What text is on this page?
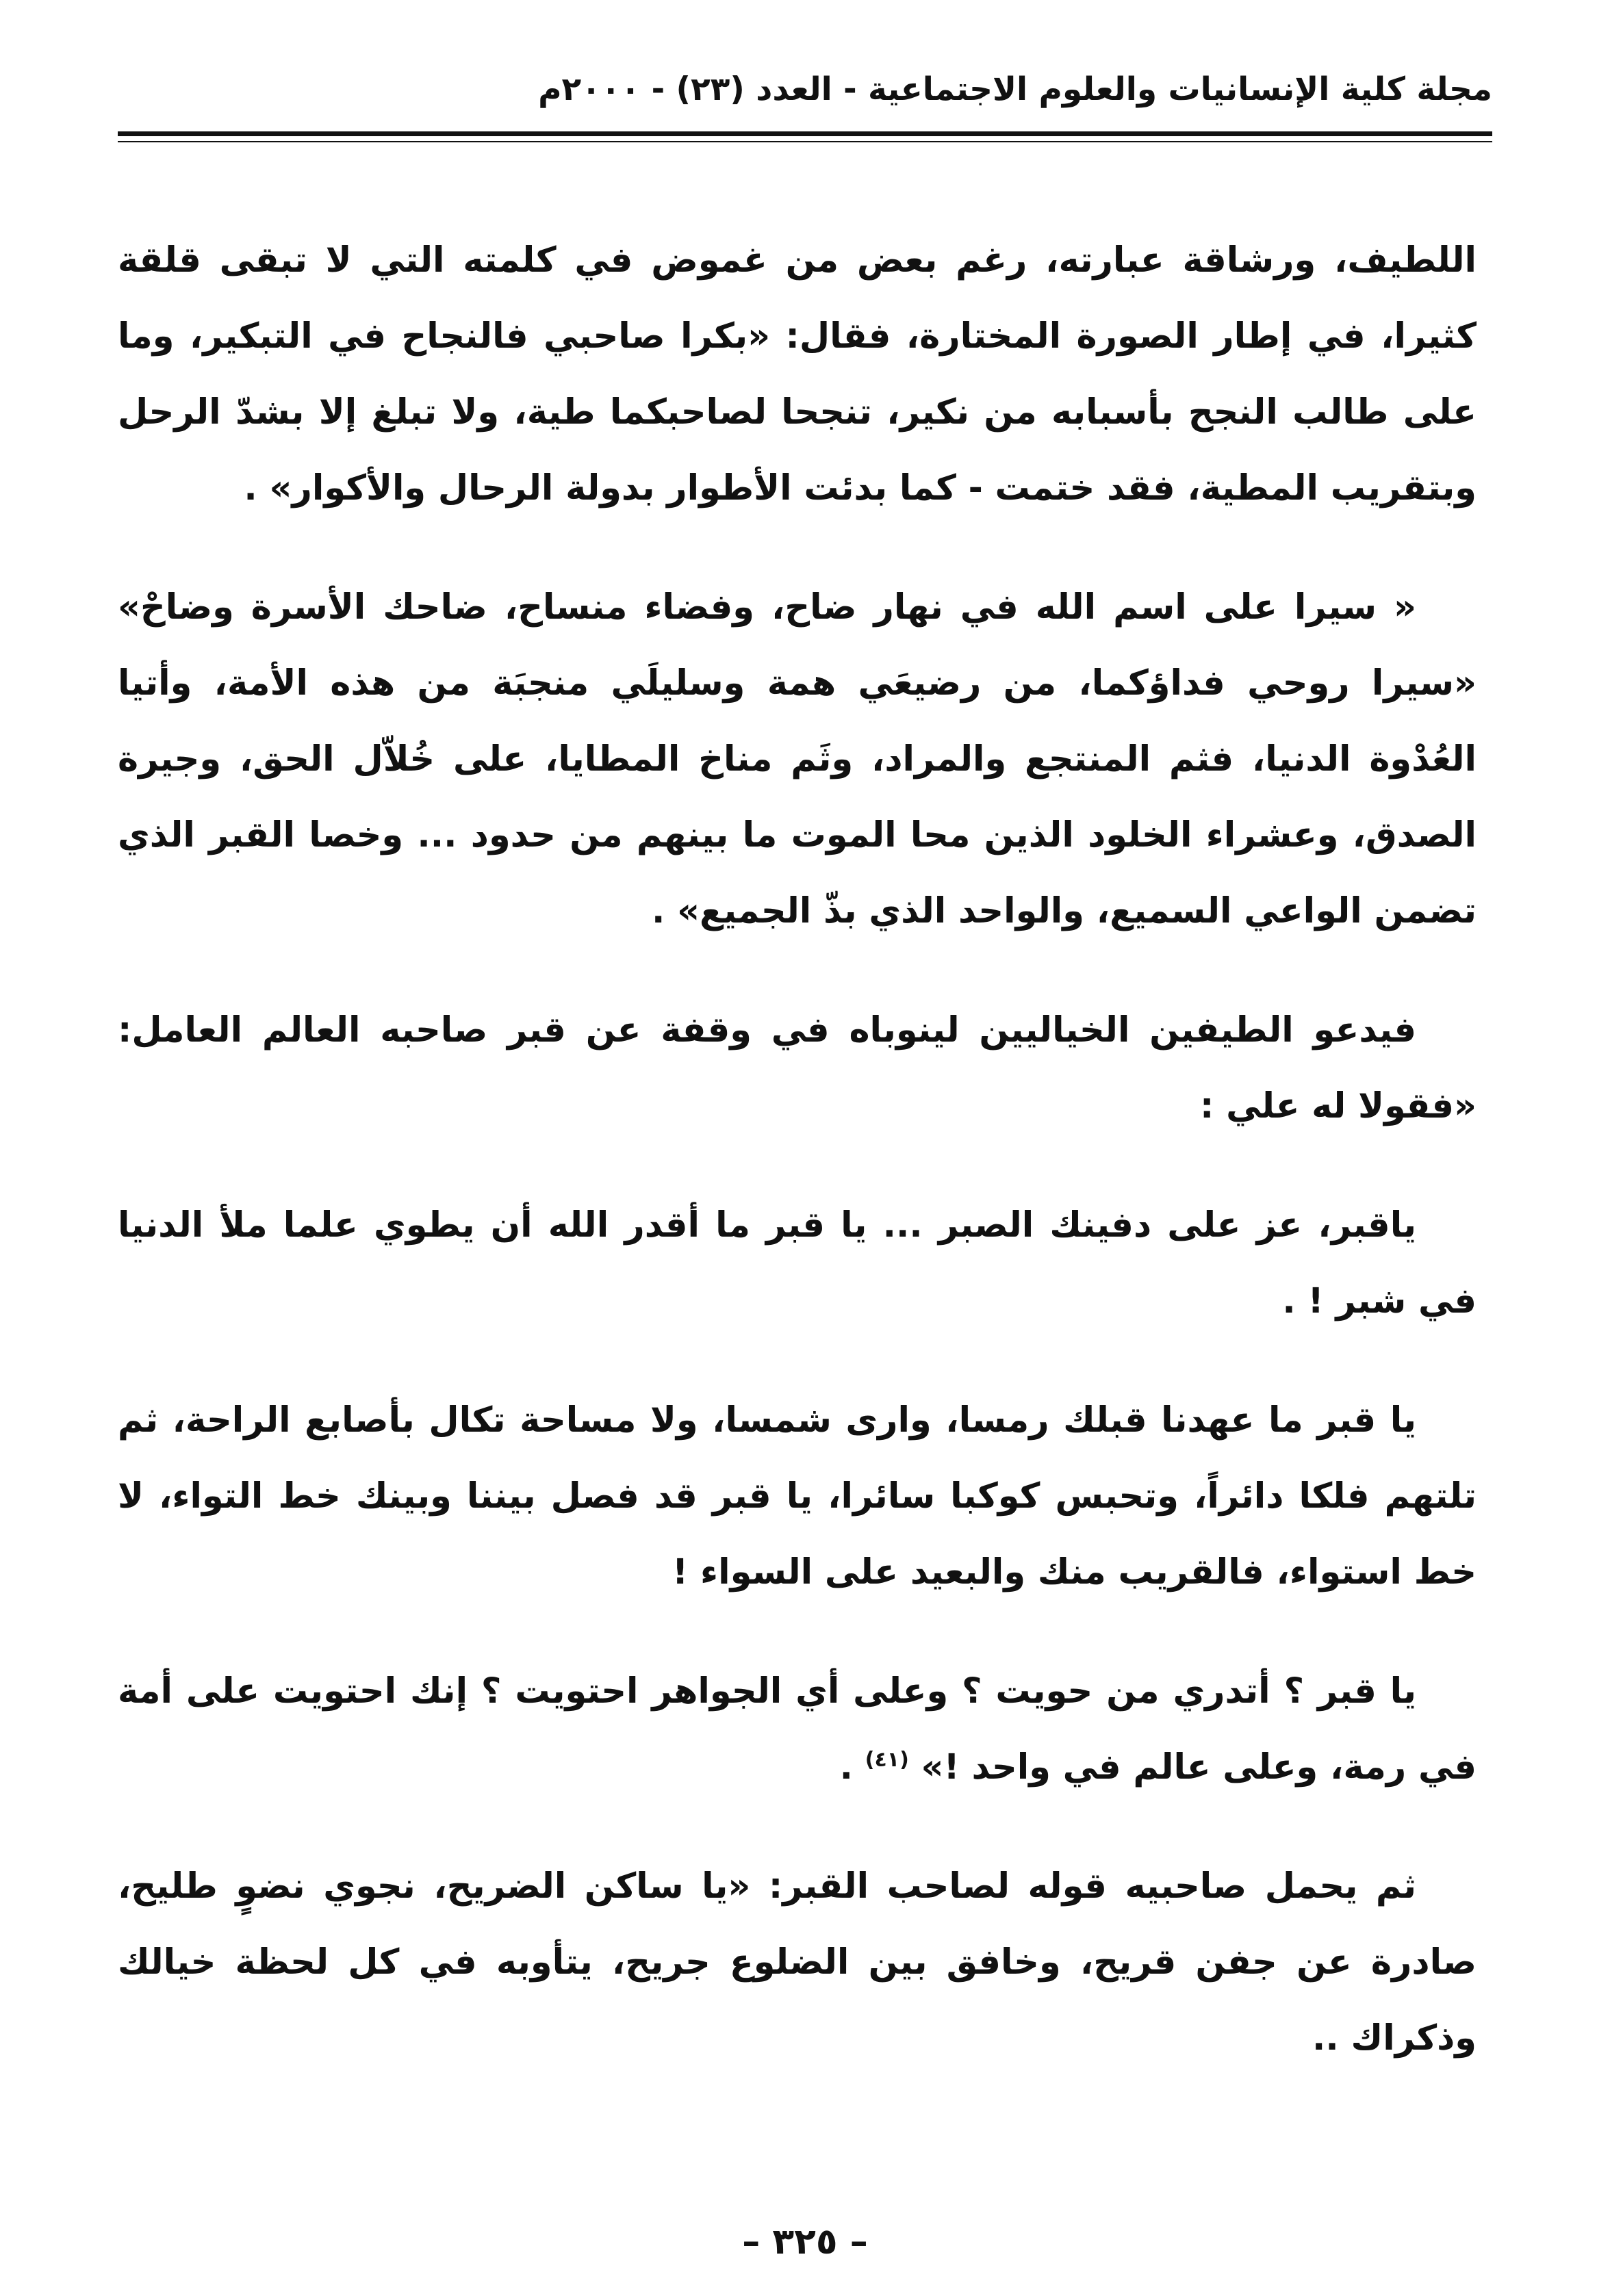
مجلة كلية الإنسانيات والعلوم الاجتماعية - العدد (٢٣) - ٢٠٠٠م

اللطيف، ورشاقة عبارته، رغم بعض من غموض في كلمته التي لا تبقى قلقة كثيرا، في إطار الصورة المختارة، فقال: «بكرا صاحبي فالنجاح في التبكير، وما على طالب النجح بأسبابه من نكير، تنجحا لصاحبكما طية، ولا تبلغ إلا بشدّ الرحل وبتقريب المطية، فقد ختمت - كما بدئت الأطوار بدولة الرحال والأكوار» .

« سيرا على اسم الله في نهار ضاح، وفضاء منساح، ضاحك الأسرة وضاحْ» «سيرا روحي فداؤكما، من رضيعَي همة وسليلَي منجبَة من هذه الأمة، وأتيا العُدْوة الدنيا، فثم المنتجع والمراد، وثَم مناخ المطايا، على خُلاّل الحق، وجيرة الصدق، وعشراء الخلود الذين محا الموت ما بينهم من حدود ... وخصا القبر الذي تضمن الواعي السميع، والواحد الذي بذّ الجميع» .

فيدعو الطيفين الخياليين لينوباه في وقفة عن قبر صاحبه العالم العامل: «فقولا له علي :

ياقبر، عز على دفينك الصبر ... يا قبر ما أقدر الله أن يطوي علما ملأ الدنيا في شبر ! .

يا قبر ما عهدنا قبلك رمسا، وارى شمسا، ولا مساحة تكال بأصابع الراحة، ثم تلتهم فلكا دائراً، وتحبس كوكبا سائرا، يا قبر قد فصل بيننا وبينك خط التواء، لا خط استواء، فالقريب منك والبعيد على السواء !

يا قبر ؟ أتدري من حويت ؟ وعلى أي الجواهر احتويت ؟ إنك احتويت على أمة في رمة، وعلى عالم في واحد !» $^{(٤١)}$ .

ثم يحمل صاحبيه قوله لصاحب القبر: «يا ساكن الضريح، نجوي نضوٍ طليح، صادرة عن جفن قريح، وخافق بين الضلوع جريح، يتأوبه في كل لحظة خيالك وذكراك ..

– ٣٢٥ –
